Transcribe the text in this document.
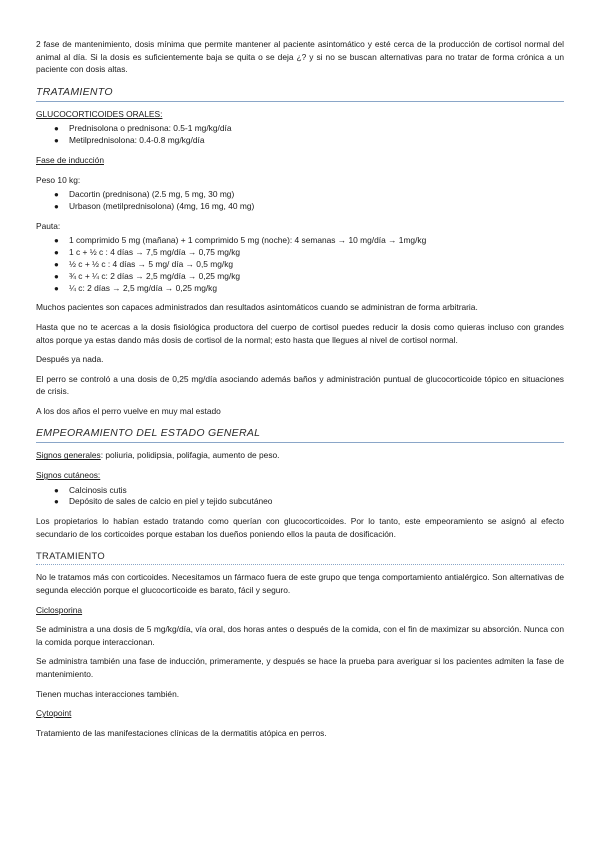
2 fase de mantenimiento, dosis mínima que permite mantener al paciente asintomático y esté cerca de la producción de cortisol normal del animal al día. Si la dosis es suficientemente baja se quita o se deja ¿? y si no se buscan alternativas para no tratar de forma crónica a un paciente con dosis altas.

TRATAMIENTO

GLUCOCORTICOIDES ORALES:

● Prednisolona o prednisona: 0.5-1 mg/kg/día
● Metilprednisolona: 0.4-0.8 mg/kg/día

Fase de inducción

Peso 10 kg:

● Dacortin (prednisona) (2.5 mg, 5 mg, 30 mg)
● Urbason (metilprednisolona) (4mg, 16 mg, 40 mg)

Pauta:

● 1 comprimido 5 mg (mañana) + 1 comprimido 5 mg (noche): 4 semanas → 10 mg/día → 1mg/kg
● 1 c + ½ c : 4 días → 7,5 mg/día → 0,75 mg/kg
● ½ c + ½ c : 4 días → 5 mg/ día → 0,5 mg/kg
● ¾ c + ¼ c: 2 días → 2,5 mg/día → 0,25 mg/kg
● ¼ c: 2 días → 2,5 mg/día → 0,25 mg/kg

Muchos pacientes son capaces administrados dan resultados asintomáticos cuando se administran de forma arbitraria.

Hasta que no te acercas a la dosis fisiológica productora del cuerpo de cortisol puedes reducir la dosis como quieras incluso con grandes altos porque ya estas dando más dosis de cortisol de la normal; esto hasta que llegues al nivel de cortisol normal.

Después ya nada.

El perro se controló a una dosis de 0,25 mg/día asociando además baños y administración puntual de glucocorticoide tópico en situaciones de crisis.

A los dos años el perro vuelve en muy mal estado

EMPEORAMIENTO DEL ESTADO GENERAL

Signos generales: poliuria, polidipsia, polifagia, aumento de peso.

Signos cutáneos:

● Calcinosis cutis
● Depósito de sales de calcio en piel y tejido subcutáneo

Los propietarios lo habían estado tratando como querían con glucocorticoides. Por lo tanto, este empeoramiento se asignó al efecto secundario de los corticoides porque estaban los dueños poniendo ellos la pauta de dosificación.

TRATAMIENTO

No le tratamos más con corticoides. Necesitamos un fármaco fuera de este grupo que tenga comportamiento antialérgico. Son alternativas de segunda elección porque el glucocorticoide es barato, fácil y seguro.

Ciclosporina

Se administra a una dosis de 5 mg/kg/día, vía oral, dos horas antes o después de la comida, con el fin de maximizar su absorción. Nunca con la comida porque interaccionan.

Se administra también una fase de inducción, primeramente, y después se hace la prueba para averiguar si los pacientes admiten la fase de mantenimiento.

Tienen muchas interacciones también.

Cytopoint

Tratamiento de las manifestaciones clínicas de la dermatitis atópica en perros.
